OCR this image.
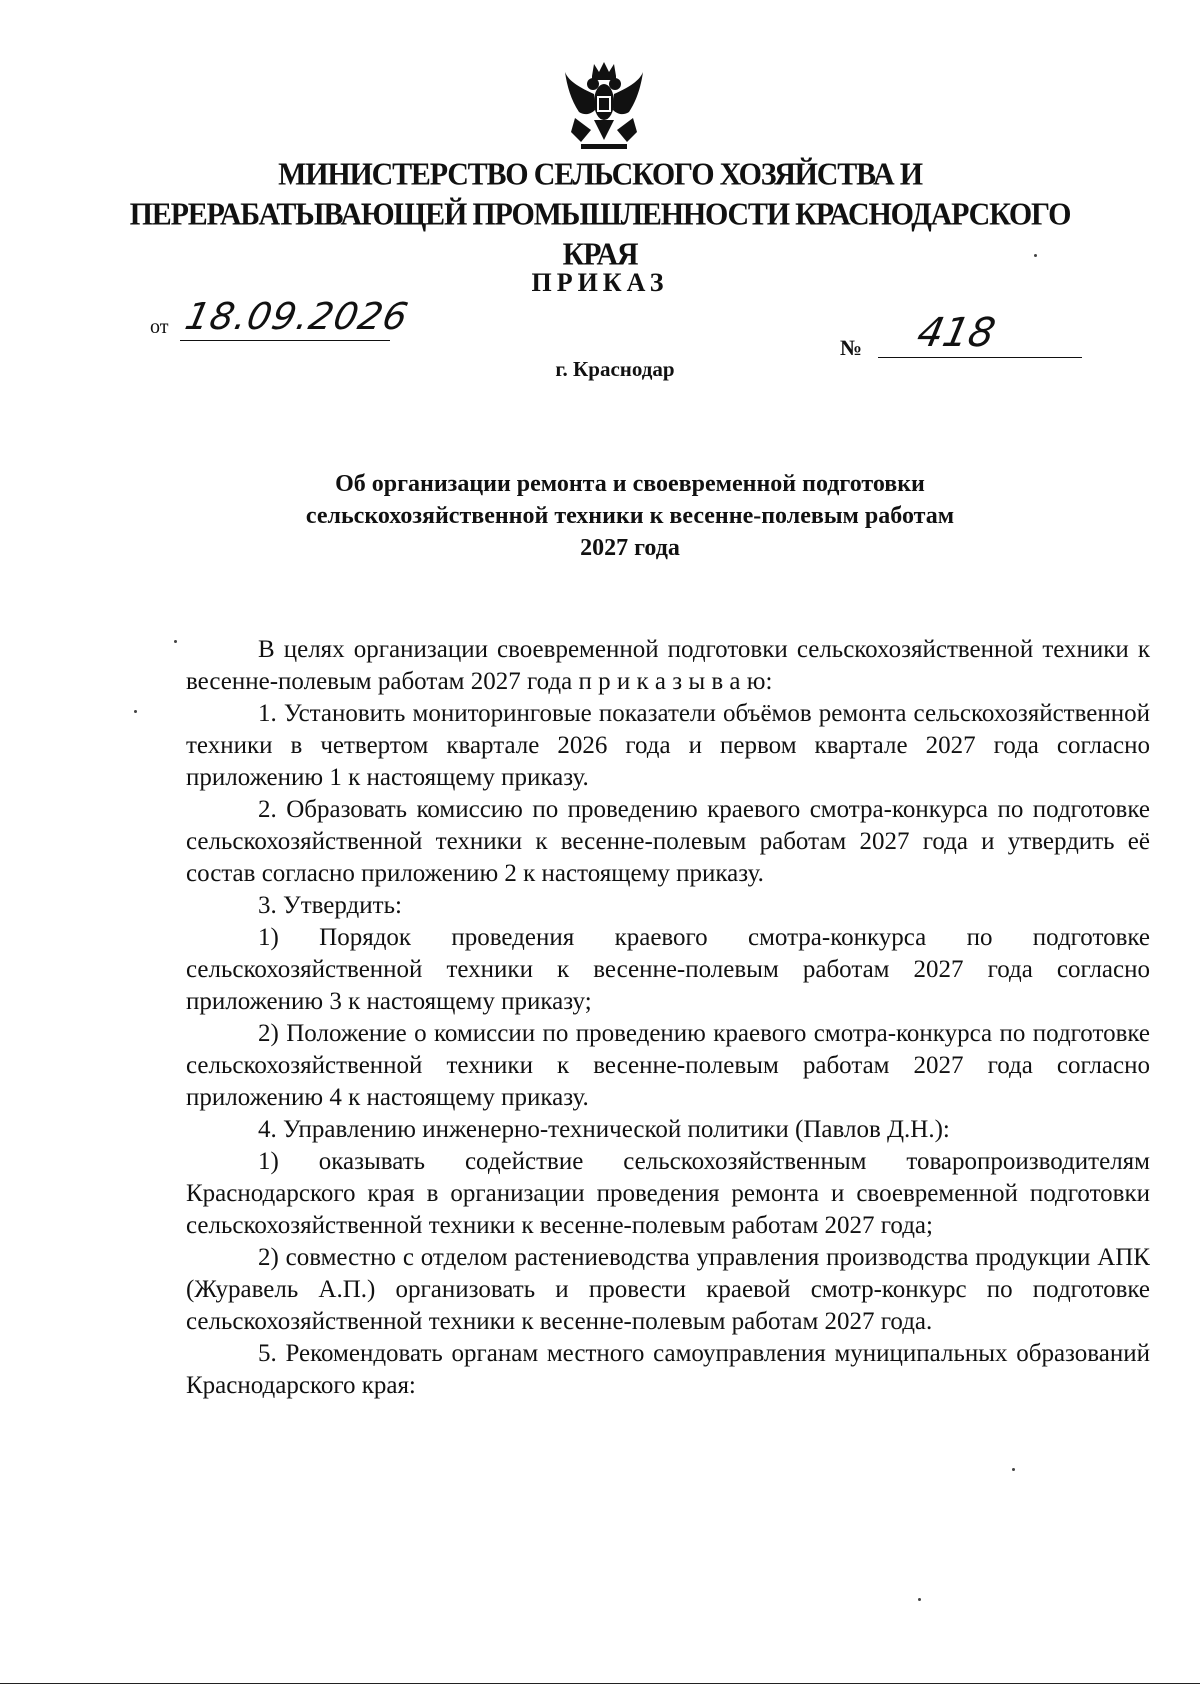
МИНИСТЕРСТВО СЕЛЬСКОГО ХОЗЯЙСТВА И ПЕРЕРАБАТЫВАЮЩЕЙ ПРОМЫШЛЕННОСТИ КРАСНОДАРСКОГО КРАЯ
ПРИКАЗ
от 18.09.2026
№ 418
г. Краснодар
Об организации ремонта и своевременной подготовки сельскохозяйственной техники к весенне-полевым работам 2027 года

В целях организации своевременной подготовки сельскохозяйственной техники к весенне-полевым работам 2027 года п р и к а з ы в а ю:

1. Установить мониторинговые показатели объёмов ремонта сельскохозяйственной техники в четвертом квартале 2026 года и первом квартале 2027 года согласно приложению 1 к настоящему приказу.

2. Образовать комиссию по проведению краевого смотра-конкурса по подготовке сельскохозяйственной техники к весенне-полевым работам 2027 года и утвердить её состав согласно приложению 2 к настоящему приказу.

3. Утвердить:

1) Порядок проведения краевого смотра-конкурса по подготовке сельскохозяйственной техники к весенне-полевым работам 2027 года согласно приложению 3 к настоящему приказу;

2) Положение о комиссии по проведению краевого смотра-конкурса по подготовке сельскохозяйственной техники к весенне-полевым работам 2027 года согласно приложению 4 к настоящему приказу.

4. Управлению инженерно-технической политики (Павлов Д.Н.):

1) оказывать содействие сельскохозяйственным товаропроизводителям Краснодарского края в организации проведения ремонта и своевременной подготовки сельскохозяйственной техники к весенне-полевым работам 2027 года;

2) совместно с отделом растениеводства управления производства продукции АПК (Журавель А.П.) организовать и провести краевой смотр-конкурс по подготовке сельскохозяйственной техники к весенне-полевым работам 2027 года.

5. Рекомендовать органам местного самоуправления муниципальных образований Краснодарского края:
